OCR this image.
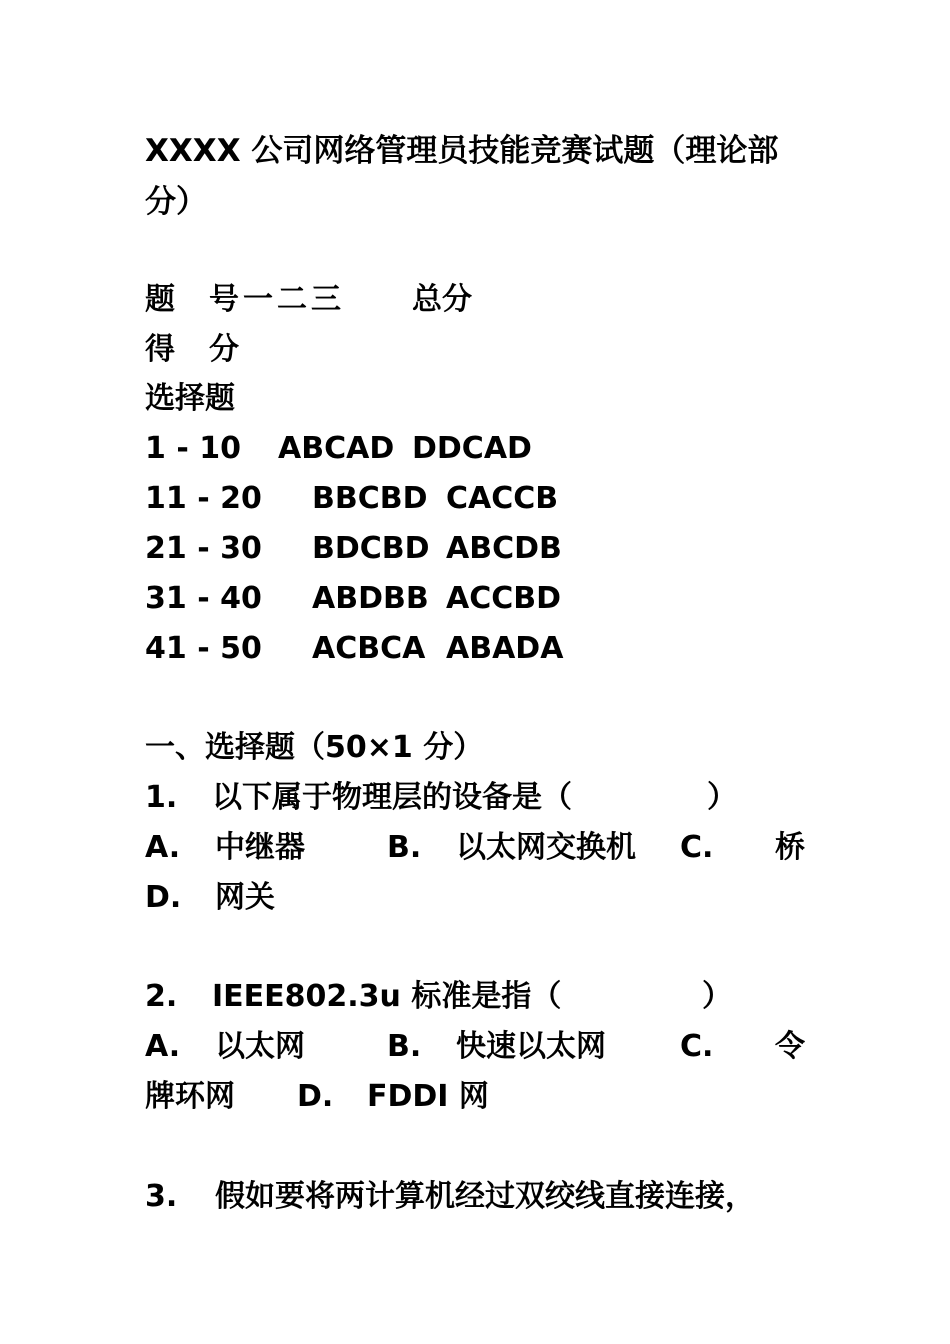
XXXX 公司网络管理员技能竞赛试题（理论部
分）
题 号 一 二 三 总分
得 分
选择题
1 - 10 ABCAD DDCAD
11 - 20 BBCBD CACCB
21 - 30 BDCBD ABCDB
31 - 40 ABDBB ACCBD
41 - 50 ACBCA ABADA
一、选择题（50×1 分）
1. 以下属于物理层的设备是（	）
A. 中继器	B. 以太网交换机 C. 桥
D. 网关
2. IEEE802.3u 标准是指（	）
A. 以太网	B. 快速以太网 C. 令
牌环网 D. FDDI 网
3. 假如要将两计算机经过双绞线直接连接，
